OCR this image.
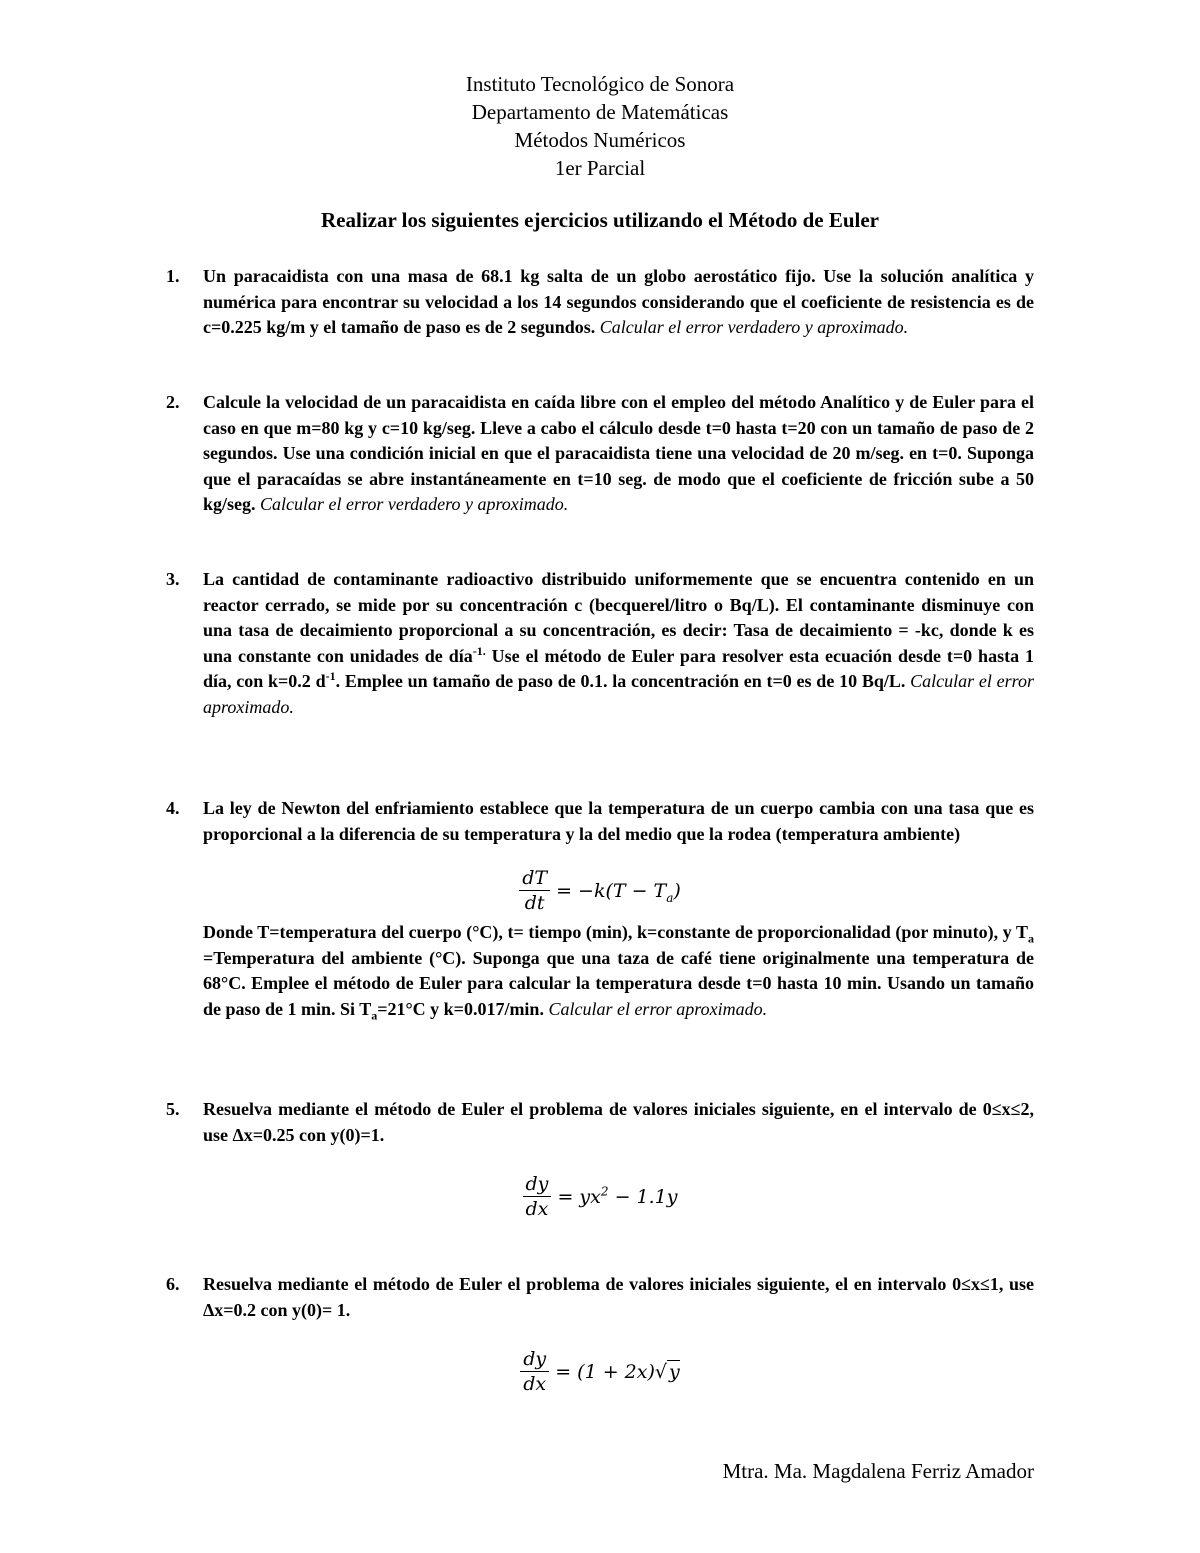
Instituto Tecnológico de Sonora
Departamento de Matemáticas
Métodos Numéricos
1er Parcial
Realizar los siguientes ejercicios utilizando el Método de Euler
1. Un paracaidista con una masa de 68.1 kg salta de un globo aerostático fijo. Use la solución analítica y numérica para encontrar su velocidad a los 14 segundos considerando que el coeficiente de resistencia es de c=0.225 kg/m y el tamaño de paso es de 2 segundos. Calcular el error verdadero y aproximado.
2. Calcule la velocidad de un paracaidista en caída libre con el empleo del método Analítico y de Euler para el caso en que m=80 kg y c=10 kg/seg. Lleve a cabo el cálculo desde t=0 hasta t=20 con un tamaño de paso de 2 segundos. Use una condición inicial en que el paracaidista tiene una velocidad de 20 m/seg. en t=0. Suponga que el paracaídas se abre instantáneamente en t=10 seg. de modo que el coeficiente de fricción sube a 50 kg/seg. Calcular el error verdadero y aproximado.
3. La cantidad de contaminante radioactivo distribuido uniformemente que se encuentra contenido en un reactor cerrado, se mide por su concentración c (becquerel/litro o Bq/L). El contaminante disminuye con una tasa de decaimiento proporcional a su concentración, es decir: Tasa de decaimiento = -kc, donde k es una constante con unidades de día$^{-1.}$ Use el método de Euler para resolver esta ecuación desde t=0 hasta 1 día, con k=0.2 $d^{-1}$. Emplee un tamaño de paso de 0.1. la concentración en t=0 es de 10 Bq/L. Calcular el error aproximado.
4. La ley de Newton del enfriamiento establece que la temperatura de un cuerpo cambia con una tasa que es proporcional a la diferencia de su temperatura y la del medio que la rodea (temperatura ambiente)
$\frac{dT}{dt} = -k(T - T_a)$
Donde T=temperatura del cuerpo (°C), t= tiempo (min), k=constante de proporcionalidad (por minuto), y $T_a$ =Temperatura del ambiente (°C). Suponga que una taza de café tiene originalmente una temperatura de 68°C. Emplee el método de Euler para calcular la temperatura desde t=0 hasta 10 min. Usando un tamaño de paso de 1 min. Si $T_a=21^\circ C$ y k=0.017/min. Calcular el error aproximado.
5. Resuelva mediante el método de Euler el problema de valores iniciales siguiente, en el intervalo de 0≤x≤2, use Δx=0.25 con y(0)=1.
$\frac{dy}{dx} = yx^2 - 1.1y$
6. Resuelva mediante el método de Euler el problema de valores iniciales siguiente, el en intervalo 0≤x≤1, use Δx=0.2 con y(0)= 1.
$\frac{dy}{dx} = (1 + 2x)√$ y
Mtra. Ma. Magdalena Ferriz Amador
